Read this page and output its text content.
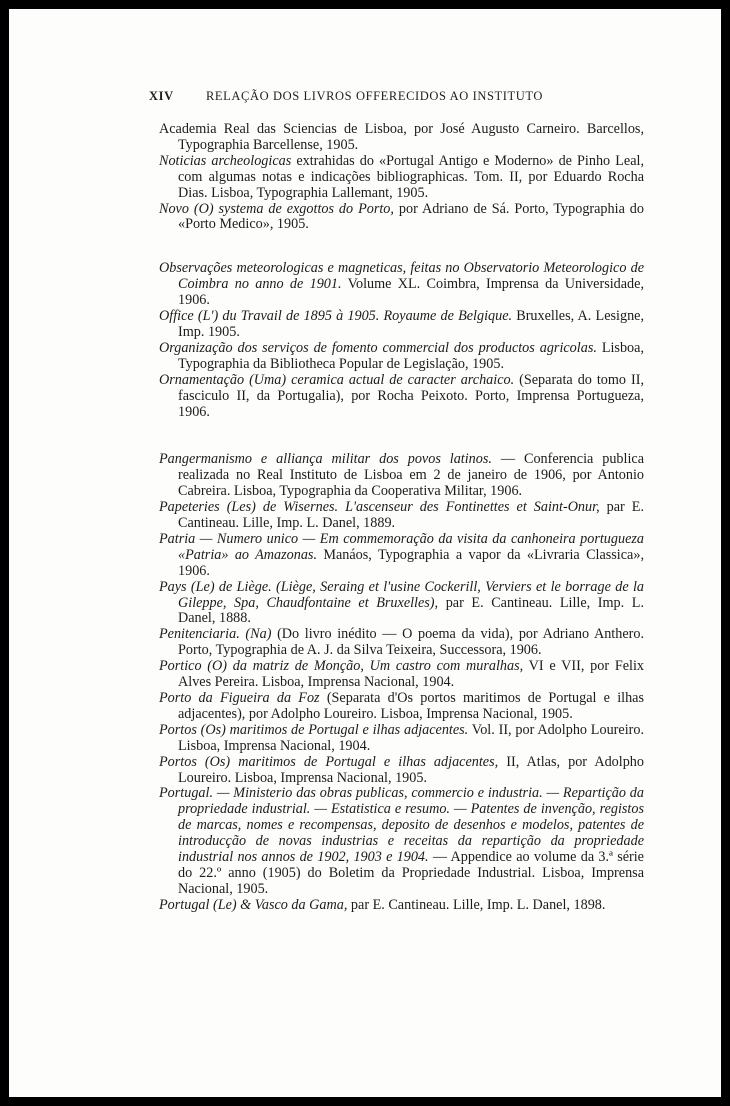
XIV	RELAÇÃO DOS LIVROS OFFERECIDOS AO INSTITUTO

Academia Real das Sciencias de Lisboa, por José Augusto Carneiro. Barcellos, Typographia Barcellense, 1905.

Noticias archeologicas extrahidas do «Portugal Antigo e Moderno» de Pinho Leal, com algumas notas e indicações bibliographicas. Tom. II, por Eduardo Rocha Dias. Lisboa, Typographia Lallemant, 1905.

Novo (O) systema de exgottos do Porto, por Adriano de Sá. Porto, Typographia do «Porto Medico», 1905.

Observações meteorologicas e magneticas, feitas no Observatorio Meteorologico de Coimbra no anno de 1901. Volume XL. Coimbra, Imprensa da Universidade, 1906.

Office (L') du Travail de 1895 à 1905. Royaume de Belgique. Bruxelles, A. Lesigne, Imp. 1905.

Organização dos serviços de fomento commercial dos productos agricolas. Lisboa, Typographia da Bibliotheca Popular de Legislação, 1905.

Ornamentação (Uma) ceramica actual de caracter archaico. (Separata do tomo II, fasciculo II, da Portugalia), por Rocha Peixoto. Porto, Imprensa Portugueza, 1906.

Pangermanismo e alliança militar dos povos latinos. — Conferencia publica realizada no Real Instituto de Lisboa em 2 de janeiro de 1906, por Antonio Cabreira. Lisboa, Typographia da Cooperativa Militar, 1906.

Papeteries (Les) de Wisernes. L'ascenseur des Fontinettes et Saint-Onur, par E. Cantineau. Lille, Imp. L. Danel, 1889.

Patria — Numero unico — Em commemoração da visita da canhoneira portugueza «Patria» ao Amazonas. Manáos, Typographia a vapor da «Livraria Classica», 1906.

Pays (Le) de Liège. (Liège, Seraing et l'usine Cockerill, Verviers et le borrage de la Gileppe, Spa, Chaudfontaine et Bruxelles), par E. Cantineau. Lille, Imp. L. Danel, 1888.

Penitenciaria. (Na) (Do livro inédito — O poema da vida), por Adriano Anthero. Porto, Typographia de A. J. da Silva Teixeira, Successora, 1906.

Portico (O) da matriz de Monção, Um castro com muralhas, VI e VII, por Felix Alves Pereira. Lisboa, Imprensa Nacional, 1904.

Porto da Figueira da Foz (Separata d'Os portos maritimos de Portugal e ilhas adjacentes), por Adolpho Loureiro. Lisboa, Imprensa Nacional, 1905.

Portos (Os) maritimos de Portugal e ilhas adjacentes. Vol. II, por Adolpho Loureiro. Lisboa, Imprensa Nacional, 1904.

Portos (Os) maritimos de Portugal e ilhas adjacentes, II, Atlas, por Adolpho Loureiro. Lisboa, Imprensa Nacional, 1905.

Portugal. — Ministerio das obras publicas, commercio e industria. — Repartição da propriedade industrial. — Estatistica e resumo. — Patentes de invenção, registos de marcas, nomes e recompensas, deposito de desenhos e modelos, patentes de introducção de novas industrias e receitas da repartição da propriedade industrial nos annos de 1902, 1903 e 1904. — Appendice ao volume da 3.ª série do 22.º anno (1905) do Boletim da Propriedade Industrial. Lisboa, Imprensa Nacional, 1905.

Portugal (Le) & Vasco da Gama, par E. Cantineau. Lille, Imp. L. Danel, 1898.
